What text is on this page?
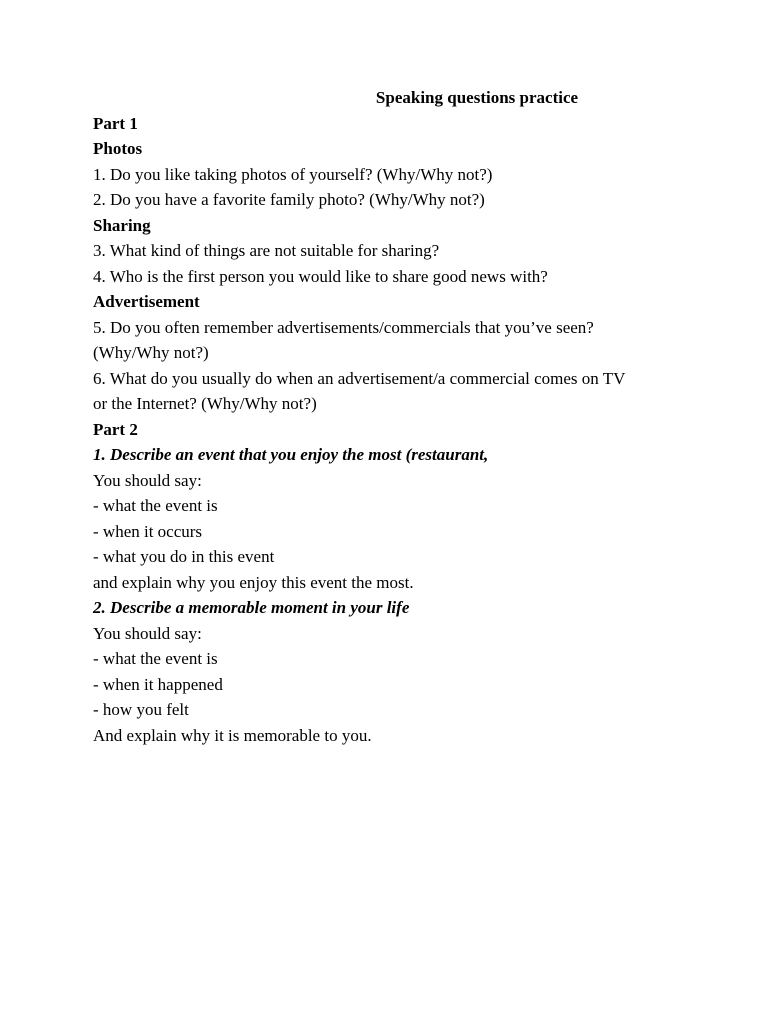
Speaking questions practice
Part 1
Photos
1. Do you like taking photos of yourself? (Why/Why not?)
2. Do you have a favorite family photo? (Why/Why not?)
Sharing
3. What kind of things are not suitable for sharing?
4. Who is the first person you would like to share good news with?
Advertisement
5. Do you often remember advertisements/commercials that you’ve seen?
(Why/Why not?)
6. What do you usually do when an advertisement/a commercial comes on TV
or the Internet? (Why/Why not?)
Part 2
1. Describe an event that you enjoy the most (restaurant,
You should say:
- what the event is
- when it occurs
- what you do in this event
and explain why you enjoy this event the most.
2. Describe a memorable moment in your life
You should say:
- what the event is
- when it happened
- how you felt
And explain why it is memorable to you.
